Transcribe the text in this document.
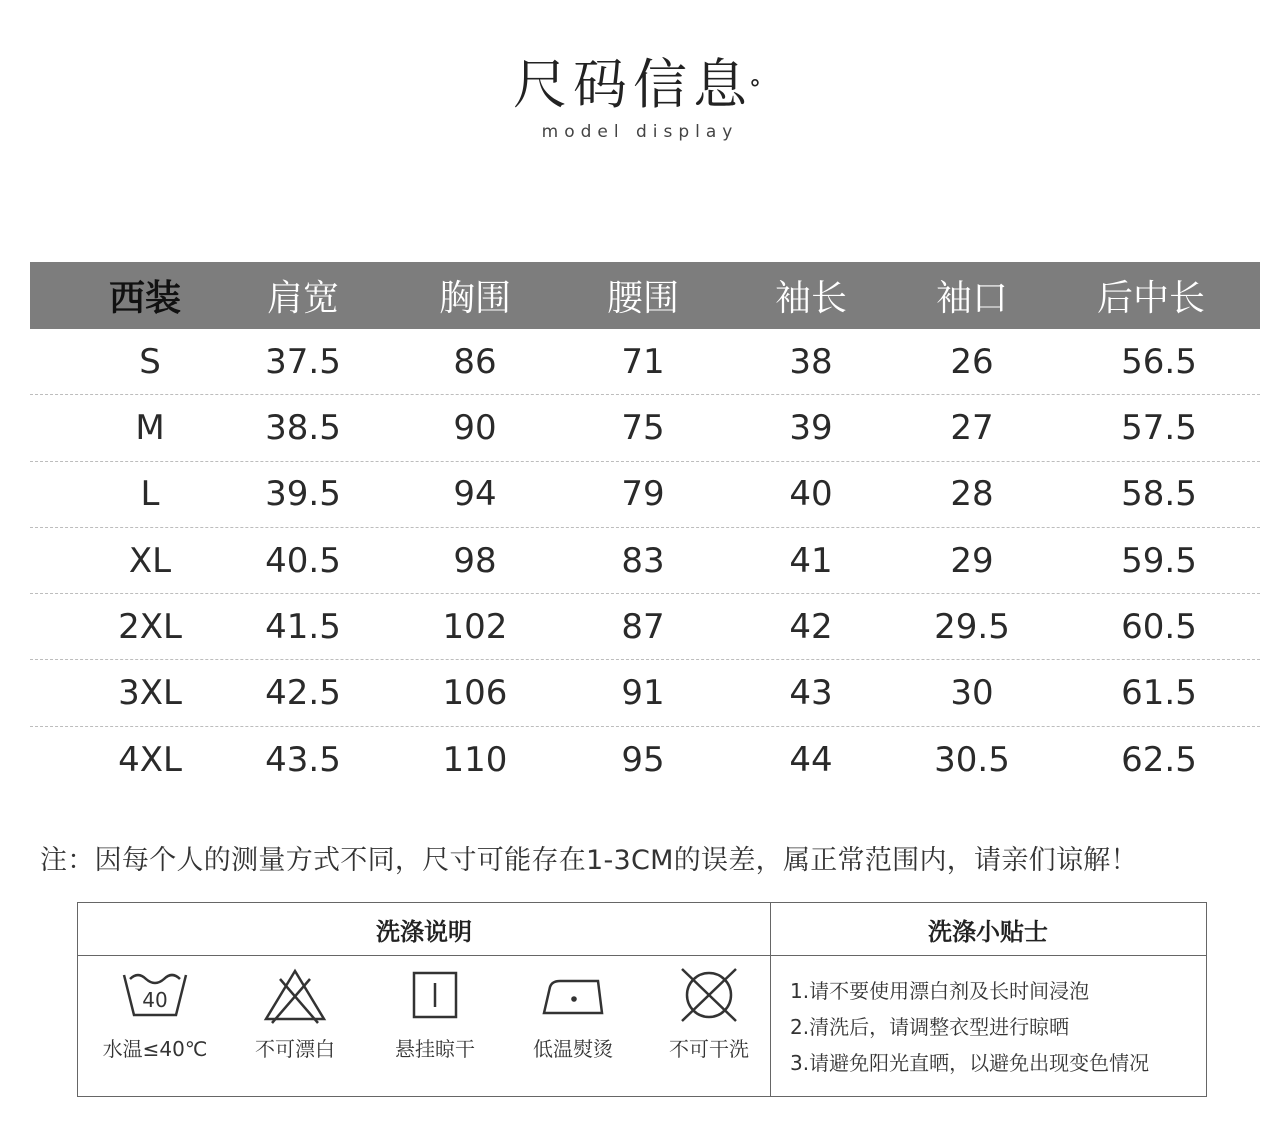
尺码信息°
model display
西装 肩宽	胸围	腰围	袖长 袖口 后中长
S	37.5	86	71	38	26	56.5
M	38.5	90	75	39	27	57.5
L	39.5	94	79	40	28	58.5
XL	40.5	98	83	41	29	59.5
2XL 41.5	102	87	42	29.5	60.5
3XL 42.5	106	91	43	30	61.5
4XL 43.5	110	95	44	30.5	62.5
注：因每个人的测量方式不同，尺寸可能存在1-3CM的误差，属正常范围内，请亲们谅解！
洗涤说明	洗涤小贴士
40
水温≤40℃	不可漂白	悬挂晾干	低温熨烫	不可干洗
1.请不要使用漂白剂及长时间浸泡
2.清洗后，请调整衣型进行晾晒
3.请避免阳光直晒，以避免出现变色情况
